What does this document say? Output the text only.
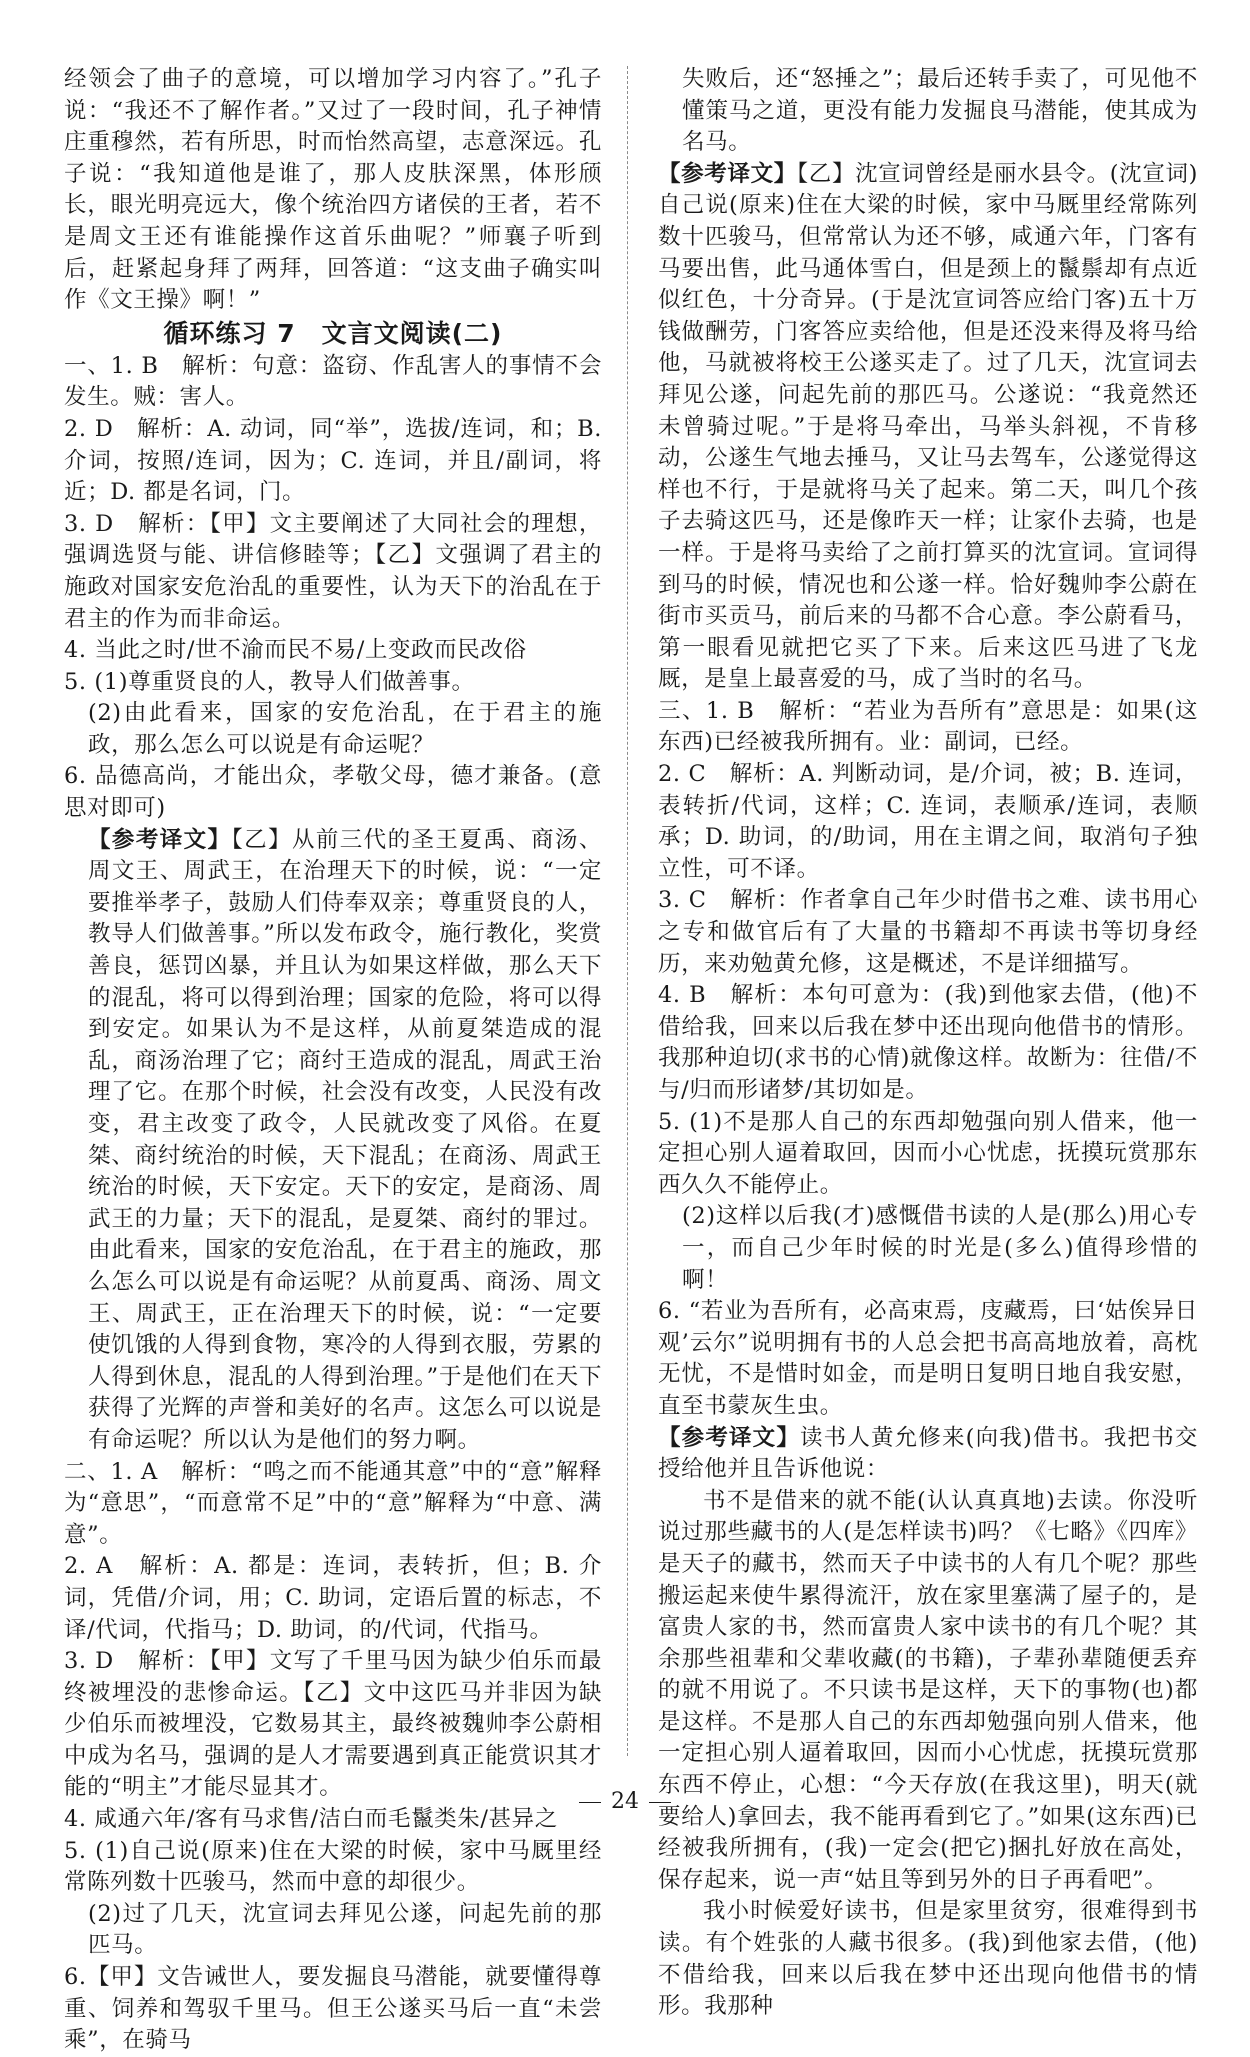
经领会了曲子的意境，可以增加学习内容了。”孔子说：“我还不了解作者。”又过了一段时间，孔子神情庄重穆然，若有所思，时而怡然高望，志意深远。孔子说：“我知道他是谁了，那人皮肤深黑，体形颀长，眼光明亮远大，像个统治四方诸侯的王者，若不是周文王还有谁能操作这首乐曲呢？”师襄子听到后，赶紧起身拜了两拜，回答道：“这支曲子确实叫作《文王操》啊！”

循环练习 7　文言文阅读(二)

一、1. B　解析：句意：盗窃、作乱害人的事情不会发生。贼：害人。

2. D　解析：A. 动词，同“举”，选拔/连词，和；B. 介词，按照/连词，因为；C. 连词，并且/副词，将近；D. 都是名词，门。

3. D　解析：【甲】文主要阐述了大同社会的理想，强调选贤与能、讲信修睦等；【乙】文强调了君主的施政对国家安危治乱的重要性，认为天下的治乱在于君主的作为而非命运。

4. 当此之时/世不渝而民不易/上变政而民改俗

5. (1)尊重贤良的人，教导人们做善事。

(2)由此看来，国家的安危治乱，在于君主的施政，那么怎么可以说是有命运呢？

6. 品德高尚，才能出众，孝敬父母，德才兼备。(意思对即可)

【参考译文】【乙】从前三代的圣王夏禹、商汤、周文王、周武王，在治理天下的时候，说：“一定要推举孝子，鼓励人们侍奉双亲；尊重贤良的人，教导人们做善事。”所以发布政令，施行教化，奖赏善良，惩罚凶暴，并且认为如果这样做，那么天下的混乱，将可以得到治理；国家的危险，将可以得到安定。如果认为不是这样，从前夏桀造成的混乱，商汤治理了它；商纣王造成的混乱，周武王治理了它。在那个时候，社会没有改变，人民没有改变，君主改变了政令，人民就改变了风俗。在夏桀、商纣统治的时候，天下混乱；在商汤、周武王统治的时候，天下安定。天下的安定，是商汤、周武王的力量；天下的混乱，是夏桀、商纣的罪过。由此看来，国家的安危治乱，在于君主的施政，那么怎么可以说是有命运呢？从前夏禹、商汤、周文王、周武王，正在治理天下的时候，说：“一定要使饥饿的人得到食物，寒冷的人得到衣服，劳累的人得到休息，混乱的人得到治理。”于是他们在天下获得了光辉的声誉和美好的名声。这怎么可以说是有命运呢？所以认为是他们的努力啊。

二、1. A　解析：“鸣之而不能通其意”中的“意”解释为“意思”，“而意常不足”中的“意”解释为“中意、满意”。

2. A　解析：A. 都是：连词，表转折，但；B. 介词，凭借/介词，用；C. 助词，定语后置的标志，不译/代词，代指马；D. 助词，的/代词，代指马。

3. D　解析：【甲】文写了千里马因为缺少伯乐而最终被埋没的悲惨命运。【乙】文中这匹马并非因为缺少伯乐而被埋没，它数易其主，最终被魏帅李公蔚相中成为名马，强调的是人才需要遇到真正能赏识其才能的“明主”才能尽显其才。

4. 咸通六年/客有马求售/洁白而毛鬣类朱/甚异之

5. (1)自己说(原来)住在大梁的时候，家中马厩里经常陈列数十匹骏马，然而中意的却很少。

(2)过了几天，沈宣词去拜见公遂，问起先前的那匹马。

6.【甲】文告诫世人，要发掘良马潜能，就要懂得尊重、饲养和驾驭千里马。但王公遂买马后一直“未尝乘”，在骑马

失败后，还“怒捶之”；最后还转手卖了，可见他不懂策马之道，更没有能力发掘良马潜能，使其成为名马。

【参考译文】【乙】沈宣词曾经是丽水县令。(沈宣词)自己说(原来)住在大梁的时候，家中马厩里经常陈列数十匹骏马，但常常认为还不够，咸通六年，门客有马要出售，此马通体雪白，但是颈上的鬣鬃却有点近似红色，十分奇异。(于是沈宣词答应给门客)五十万钱做酬劳，门客答应卖给他，但是还没来得及将马给他，马就被将校王公遂买走了。过了几天，沈宣词去拜见公遂，问起先前的那匹马。公遂说：“我竟然还未曾骑过呢。”于是将马牵出，马举头斜视，不肯移动，公遂生气地去捶马，又让马去驾车，公遂觉得这样也不行，于是就将马关了起来。第二天，叫几个孩子去骑这匹马，还是像昨天一样；让家仆去骑，也是一样。于是将马卖给了之前打算买的沈宣词。宣词得到马的时候，情况也和公遂一样。恰好魏帅李公蔚在街市买贡马，前后来的马都不合心意。李公蔚看马，第一眼看见就把它买了下来。后来这匹马进了飞龙厩，是皇上最喜爱的马，成了当时的名马。

三、1. B　解析：“若业为吾所有”意思是：如果(这东西)已经被我所拥有。业：副词，已经。

2. C　解析：A. 判断动词，是/介词，被；B. 连词，表转折/代词，这样；C. 连词，表顺承/连词，表顺承；D. 助词，的/助词，用在主谓之间，取消句子独立性，可不译。

3. C　解析：作者拿自己年少时借书之难、读书用心之专和做官后有了大量的书籍却不再读书等切身经历，来劝勉黄允修，这是概述，不是详细描写。

4. B　解析：本句可意为：(我)到他家去借，(他)不借给我，回来以后我在梦中还出现向他借书的情形。我那种迫切(求书的心情)就像这样。故断为：往借/不与/归而形诸梦/其切如是。

5. (1)不是那人自己的东西却勉强向别人借来，他一定担心别人逼着取回，因而小心忧虑，抚摸玩赏那东西久久不能停止。

(2)这样以后我(才)感慨借书读的人是(那么)用心专一，而自己少年时候的时光是(多么)值得珍惜的啊！

6. “若业为吾所有，必高束焉，庋藏焉，曰‘姑俟异日观’云尔”说明拥有书的人总会把书高高地放着，高枕无忧，不是惜时如金，而是明日复明日地自我安慰，直至书蒙灰生虫。

【参考译文】读书人黄允修来(向我)借书。我把书交授给他并且告诉他说：

书不是借来的就不能(认认真真地)去读。你没听说过那些藏书的人(是怎样读书)吗？《七略》《四库》是天子的藏书，然而天子中读书的人有几个呢？那些搬运起来使牛累得流汗，放在家里塞满了屋子的，是富贵人家的书，然而富贵人家中读书的有几个呢？其余那些祖辈和父辈收藏(的书籍)，子辈孙辈随便丢弃的就不用说了。不只读书是这样，天下的事物(也)都是这样。不是那人自己的东西却勉强向别人借来，他一定担心别人逼着取回，因而小心忧虑，抚摸玩赏那东西不停止，心想：“今天存放(在我这里)，明天(就要给人)拿回去，我不能再看到它了。”如果(这东西)已经被我所拥有，(我)一定会(把它)捆扎好放在高处，保存起来，说一声“姑且等到另外的日子再看吧”。

我小时候爱好读书，但是家里贫穷，很难得到书读。有个姓张的人藏书很多。(我)到他家去借，(他)不借给我，回来以后我在梦中还出现向他借书的情形。我那种

24
